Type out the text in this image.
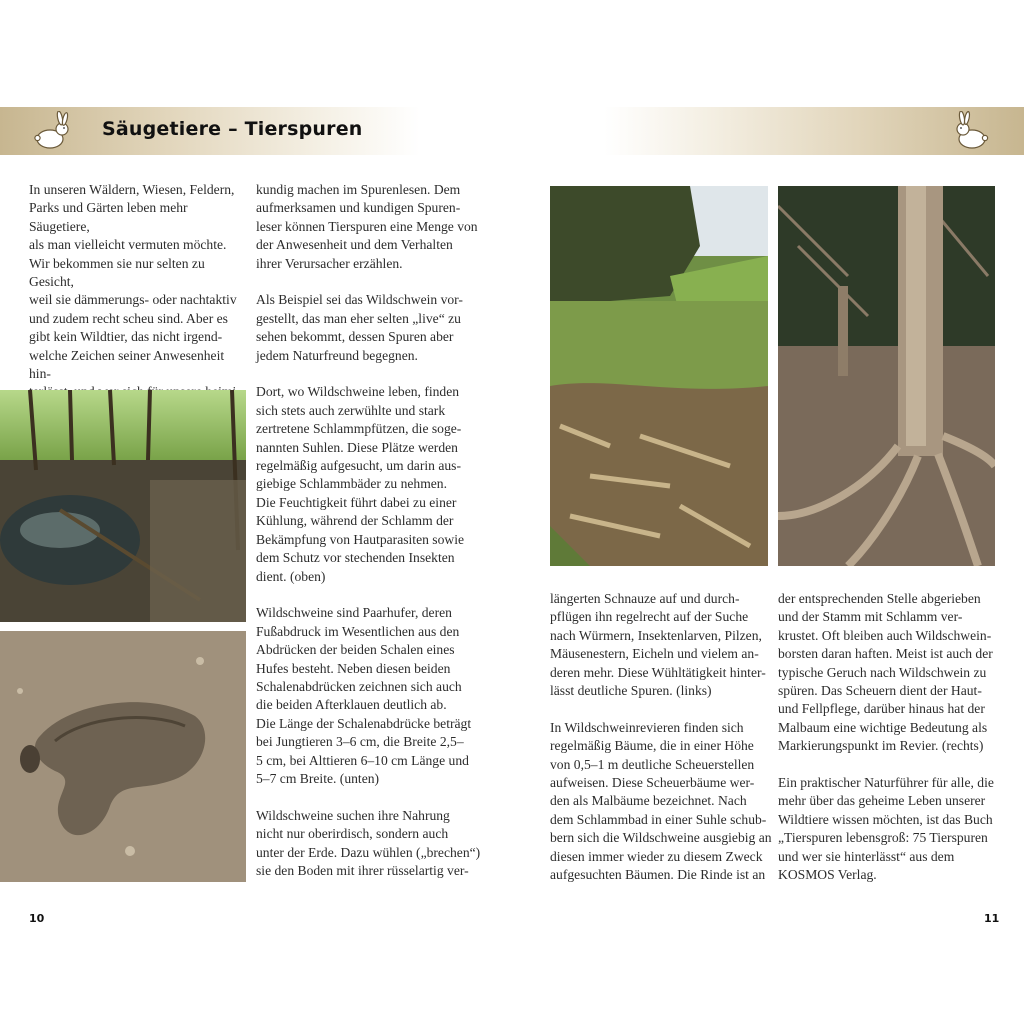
Säugetiere – Tierspuren

In unseren Wäldern, Wiesen, Feldern,
Parks und Gärten leben mehr Säugetiere,
als man vielleicht vermuten möchte.
Wir bekommen sie nur selten zu Gesicht,
weil sie dämmerungs- oder nachtaktiv
und zudem recht scheu sind. Aber es
gibt kein Wildtier, das nicht irgend-
welche Zeichen seiner Anwesenheit hin-

kundig machen im Spurenlesen. Dem
aufmerksamen und kundigen Spuren-
leser können Tierspuren eine Menge von
der Anwesenheit und dem Verhalten
ihrer Verursacher erzählen.

Als Beispiel sei das Wildschwein vor-
gestellt, das man eher selten „live“ zu
sehen bekommt, dessen Spuren aber
jedem Naturfreund begegnen.

Dort, wo Wildschweine leben, finden
sich stets auch zerwühlte und stark
zertretene Schlammpfützen, die soge-
nannten Suhlen. Diese Plätze werden
regelmäßig aufgesucht, um darin aus-
giebige Schlammbäder zu nehmen.
Die Feuchtigkeit führt dabei zu einer
Kühlung, während der Schlamm der
Bekämpfung von Hautparasiten sowie
dem Schutz vor stechenden Insekten
dient. (oben)

Wildschweine sind Paarhufer, deren
Fußabdruck im Wesentlichen aus den
Abdrücken der beiden Schalen eines
Hufes besteht. Neben diesen beiden
Schalenabdrücken zeichnen sich auch
die beiden Afterklauen deutlich ab.
Die Länge der Schalenabdrücke beträgt
bei Jungtieren 3–6 cm, die Breite 2,5–
5 cm, bei Alttieren 6–10 cm Länge und
5–7 cm Breite. (unten)

Wildschweine suchen ihre Nahrung
nicht nur oberirdisch, sondern auch
unter der Erde. Dazu wühlen („brechen“)
sie den Boden mit ihrer rüsselartig ver-

10

längerten Schnauze auf und durch-
pflügen ihn regelrecht auf der Suche
nach Würmern, Insektenlarven, Pilzen,
Mäusenestern, Eicheln und vielem an-
deren mehr. Diese Wühltätigkeit hinter-
lässt deutliche Spuren. (links)

In Wildschweinrevieren finden sich
regelmäßig Bäume, die in einer Höhe
von 0,5–1 m deutliche Scheuerstellen
aufweisen. Diese Scheuerbäume wer-
den als Malbäume bezeichnet. Nach
dem Schlammbad in einer Suhle schub-
bern sich die Wildschweine ausgiebig an
diesen immer wieder zu diesem Zweck
aufgesuchten Bäumen. Die Rinde ist an

der entsprechenden Stelle abgerieben
und der Stamm mit Schlamm ver-
krustet. Oft bleiben auch Wildschwein-
borsten daran haften. Meist ist auch der
typische Geruch nach Wildschwein zu
spüren. Das Scheuern dient der Haut-
und Fellpflege, darüber hinaus hat der
Malbaum eine wichtige Bedeutung als
Markierungspunkt im Revier. (rechts)

Ein praktischer Naturführer für alle, die
mehr über das geheime Leben unserer
Wildtiere wissen möchten, ist das Buch
„Tierspuren lebensgroß: 75 Tierspuren
und wer sie hinterlässt“ aus dem
KOSMOS Verlag.

11
